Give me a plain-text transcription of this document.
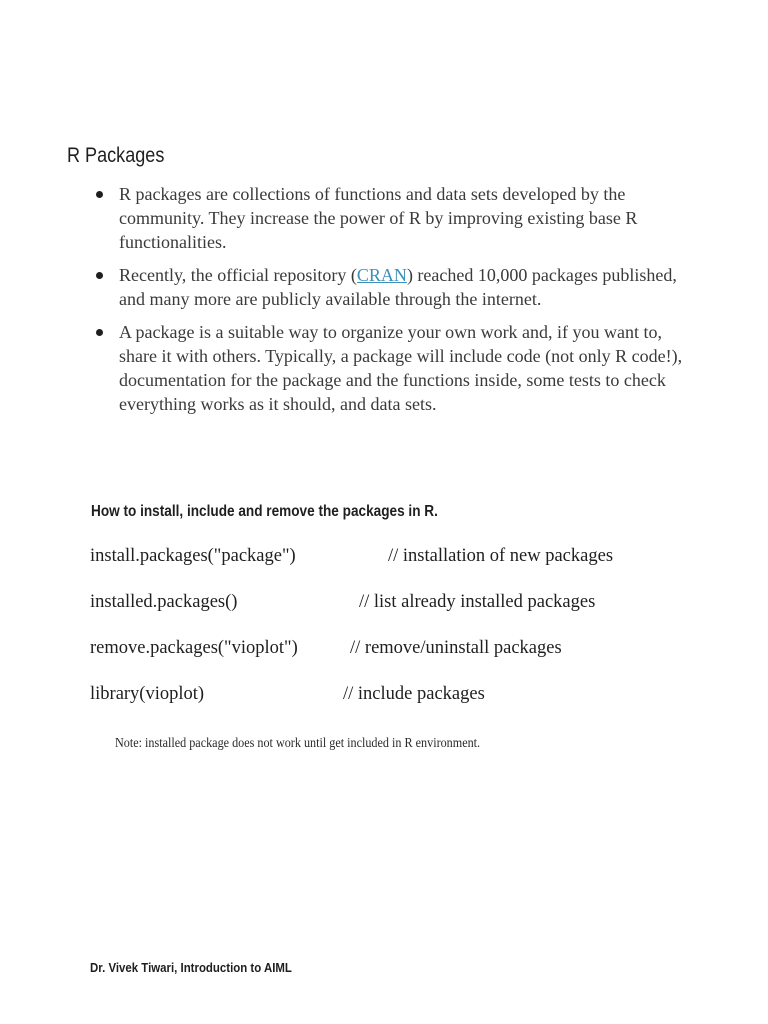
R Packages
R packages are collections of functions and data sets developed by the community. They increase the power of R by improving existing base R functionalities.
Recently, the official repository (CRAN) reached 10,000 packages published, and many more are publicly available through the internet.
A package is a suitable way to organize your own work and, if you want to, share it with others. Typically, a package will include code (not only R code!), documentation for the package and the functions inside, some tests to check everything works as it should, and data sets.
How to install, include and remove the packages in R.
install.packages("package")	// installation of new packages
installed.packages()	// list already installed packages
remove.packages("vioplot")	// remove/uninstall packages
library(vioplot)	// include packages
Note: installed package does not work until get included in R environment.
Dr. Vivek Tiwari, Introduction to AIML
